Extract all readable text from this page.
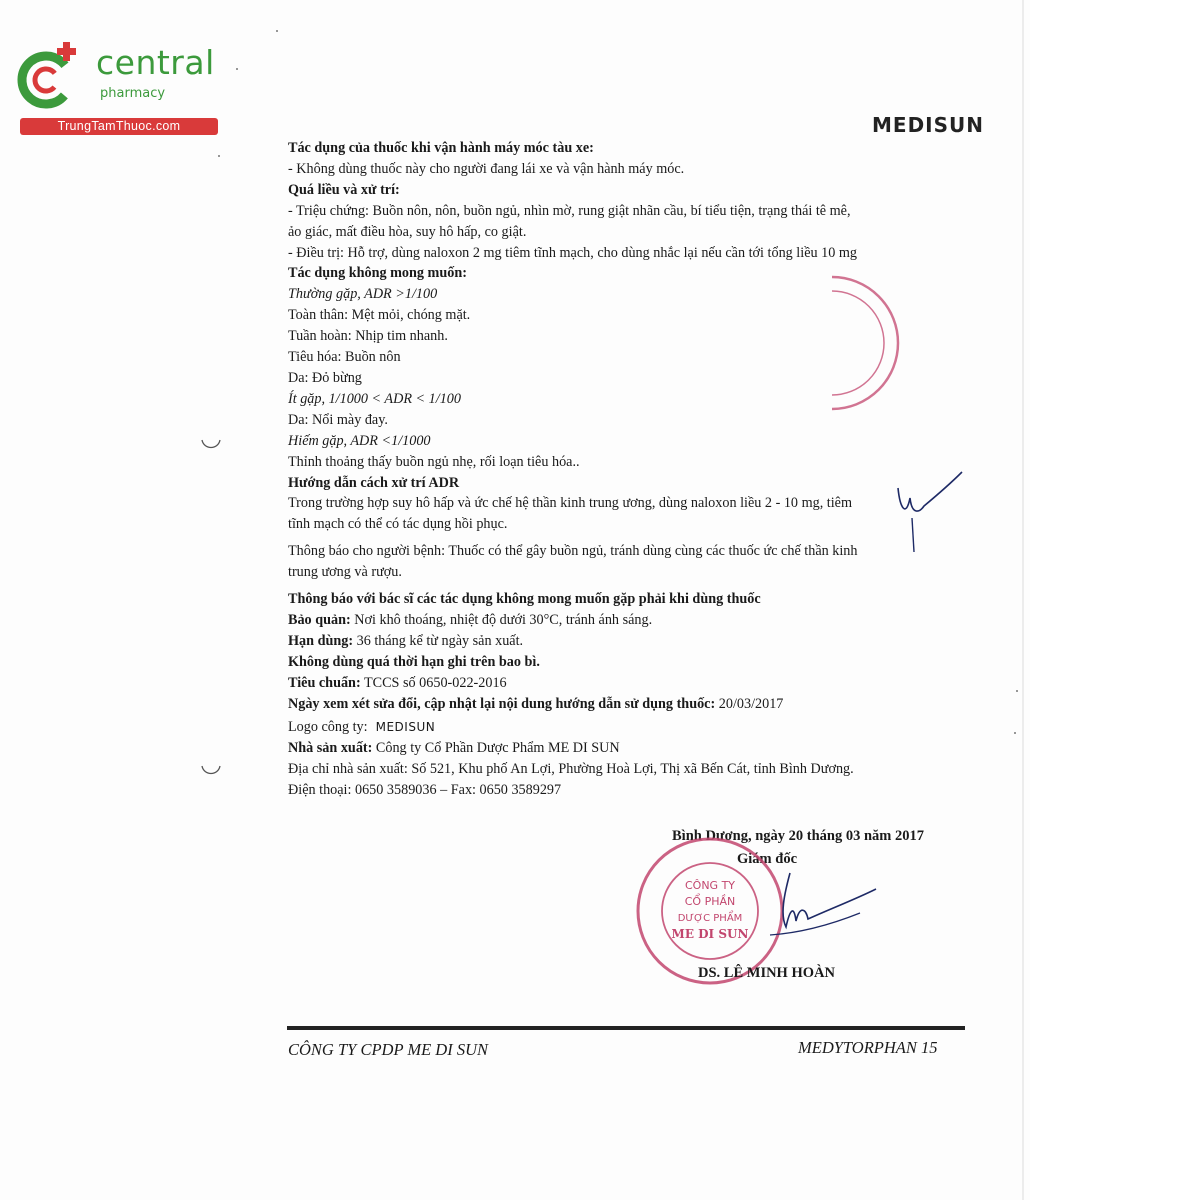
central
pharmacy
TrungTamThuoc.com	MEDISUN
Tác dụng của thuốc khi vận hành máy móc tàu xe:
- Không dùng thuốc này cho người đang lái xe và vận hành máy móc.
Quá liều và xử trí:
- Triệu chứng: Buồn nôn, nôn, buồn ngủ, nhìn mờ, rung giật nhãn cầu, bí tiểu tiện, trạng thái tê mê,
ảo giác, mất điều hòa, suy hô hấp, co giật.
- Điều trị: Hỗ trợ, dùng naloxon 2 mg tiêm tĩnh mạch, cho dùng nhắc lại nếu cần tới tổng liều 10 mg
Tác dụng không mong muốn:
Thường gặp, ADR >1/100
Toàn thân: Mệt mỏi, chóng mặt.
Tuần hoàn: Nhịp tim nhanh.
Tiêu hóa: Buồn nôn
Da: Đỏ bừng
Ít gặp, 1/1000 < ADR < 1/100
Da: Nổi mày đay.
Hiếm gặp, ADR <1/1000
Thỉnh thoảng thấy buồn ngủ nhẹ, rối loạn tiêu hóa..
Hướng dẫn cách xử trí ADR
Trong trường hợp suy hô hấp và ức chế hệ thần kinh trung ương, dùng naloxon liều 2 - 10 mg, tiêm
tĩnh mạch có thể có tác dụng hồi phục.
Thông báo cho người bệnh: Thuốc có thể gây buồn ngủ, tránh dùng cùng các thuốc ức chế thần kinh
trung ương và rượu.
Thông báo với bác sĩ các tác dụng không mong muốn gặp phải khi dùng thuốc
Bảo quản: Nơi khô thoáng, nhiệt độ dưới 30°C, tránh ánh sáng.
Hạn dùng: 36 tháng kể từ ngày sản xuất.
Không dùng quá thời hạn ghi trên bao bì.
Tiêu chuẩn: TCCS số 0650-022-2016
Ngày xem xét sửa đổi, cập nhật lại nội dung hướng dẫn sử dụng thuốc: 20/03/2017
Logo công ty: MEDISUN
Nhà sản xuất: Công ty Cổ Phần Dược Phẩm ME DI SUN
Địa chỉ nhà sản xuất: Số 521, Khu phố An Lợi, Phường Hoà Lợi, Thị xã Bến Cát, tỉnh Bình Dương.
Điện thoại: 0650 3589036 – Fax: 0650 3589297
Bình Dương, ngày 20 tháng 03 năm 2017
Giám đốc
CÔNG TY
CỔ PHẦN
DƯỢC PHẨM
ME DI SUN
DS. LÊ MINH HOÀN
CÔNG TY CPDP ME DI SUN	MEDYTORPHAN 15
